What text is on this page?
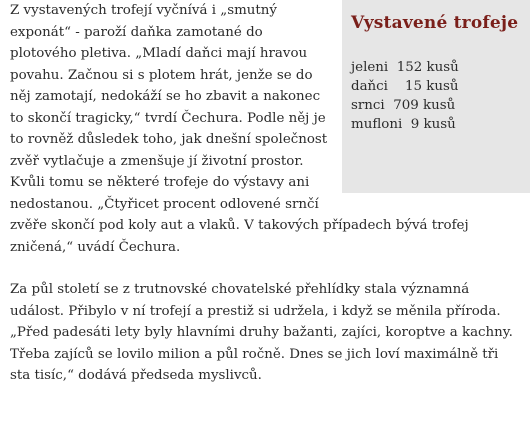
Vystavené trofeje
jeleni 152 kusů
daňci 15 kusů
srnci 709 kusů
mufloni 9 kusů

Z vystavených trofejí vyčnívá i „smutný exponát“ - paroží daňka zamotané do plotového pletiva. „Mladí daňci mají hravou povahu. Začnou si s plotem hrát, jenže se do něj zamotají, nedokáží se ho zbavit a nakonec to skončí tragicky,“ tvrdí Čechura. Podle něj je to rovněž důsledek toho, jak dnešní společnost zvěř vytlačuje a zmenšuje jí životní prostor. Kvůli tomu se některé trofeje do výstavy ani nedostanou. „Čtyřicet procent odlovené srnčí zvěře skončí pod koly aut a vlaků. V takových případech bývá trofej zničená,“ uvádí Čechura.

Za půl století se z trutnovské chovatelské přehlídky stala významná událost. Přibylo v ní trofejí a prestiž si udržela, i když se měnila příroda. „Před padesáti lety byly hlavními druhy bažanti, zajíci, koroptve a kachny. Třeba zajíců se lovilo milion a půl ročně. Dnes se jich loví maximálně tři sta tisíc,“ dodává předseda myslivců.
